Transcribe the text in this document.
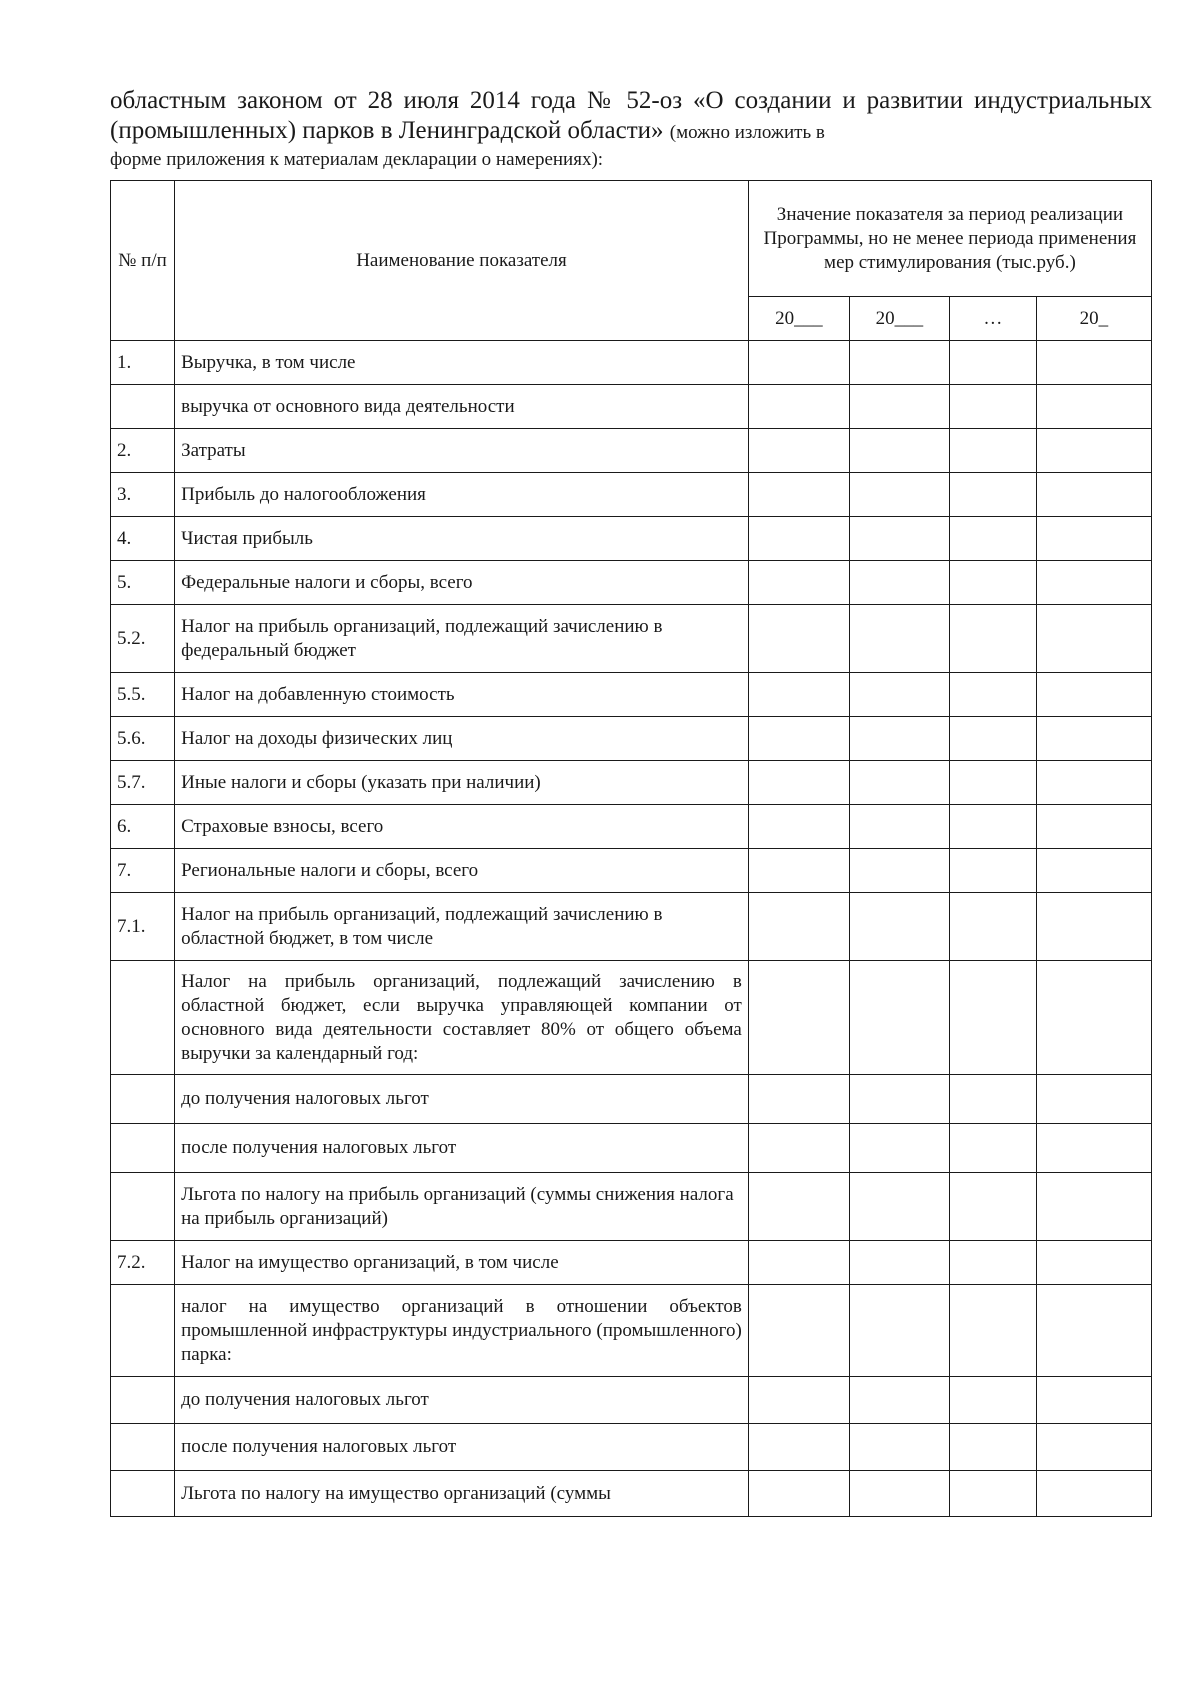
областным законом от 28 июля 2014 года № 52-оз «О создании и развитии индустриальных (промышленных) парков в Ленинградской области» (можно изложить в
форме приложения к материалам декларации о намерениях):

№ п/п	Наименование показателя	Значение показателя за период реализации Программы, но не менее периода применения мер стимулирования (тыс.руб.)			
		20___	20___	…	20_
1.	Выручка, в том числе				
	выручка от основного вида деятельности				
2.	Затраты				
3.	Прибыль до налогообложения				
4.	Чистая прибыль				
5.	Федеральные налоги и сборы, всего				
5.2.	Налог на прибыль организаций, подлежащий зачислению в федеральный бюджет				
5.5.	Налог на добавленную стоимость				
5.6.	Налог на доходы физических лиц				
5.7.	Иные налоги и сборы (указать при наличии)				
6.	Страховые взносы, всего				
7.	Региональные налоги и сборы, всего				
7.1.	Налог на прибыль организаций, подлежащий зачислению в областной бюджет, в том числе				
	Налог на прибыль организаций, подлежащий зачислению в областной бюджет, если выручка управляющей компании от основного вида деятельности составляет 80% от общего объема выручки за календарный год:				
	до получения налоговых льгот				
	после получения налоговых льгот				
	Льгота по налогу на прибыль организаций (суммы снижения налога на прибыль организаций)				
7.2.	Налог на имущество организаций, в том числе				
	налог на имущество организаций в отношении объектов промышленной инфраструктуры индустриального (промышленного) парка:				
	до получения налоговых льгот				
	после получения налоговых льгот				
	Льгота по налогу на имущество организаций (суммы				
